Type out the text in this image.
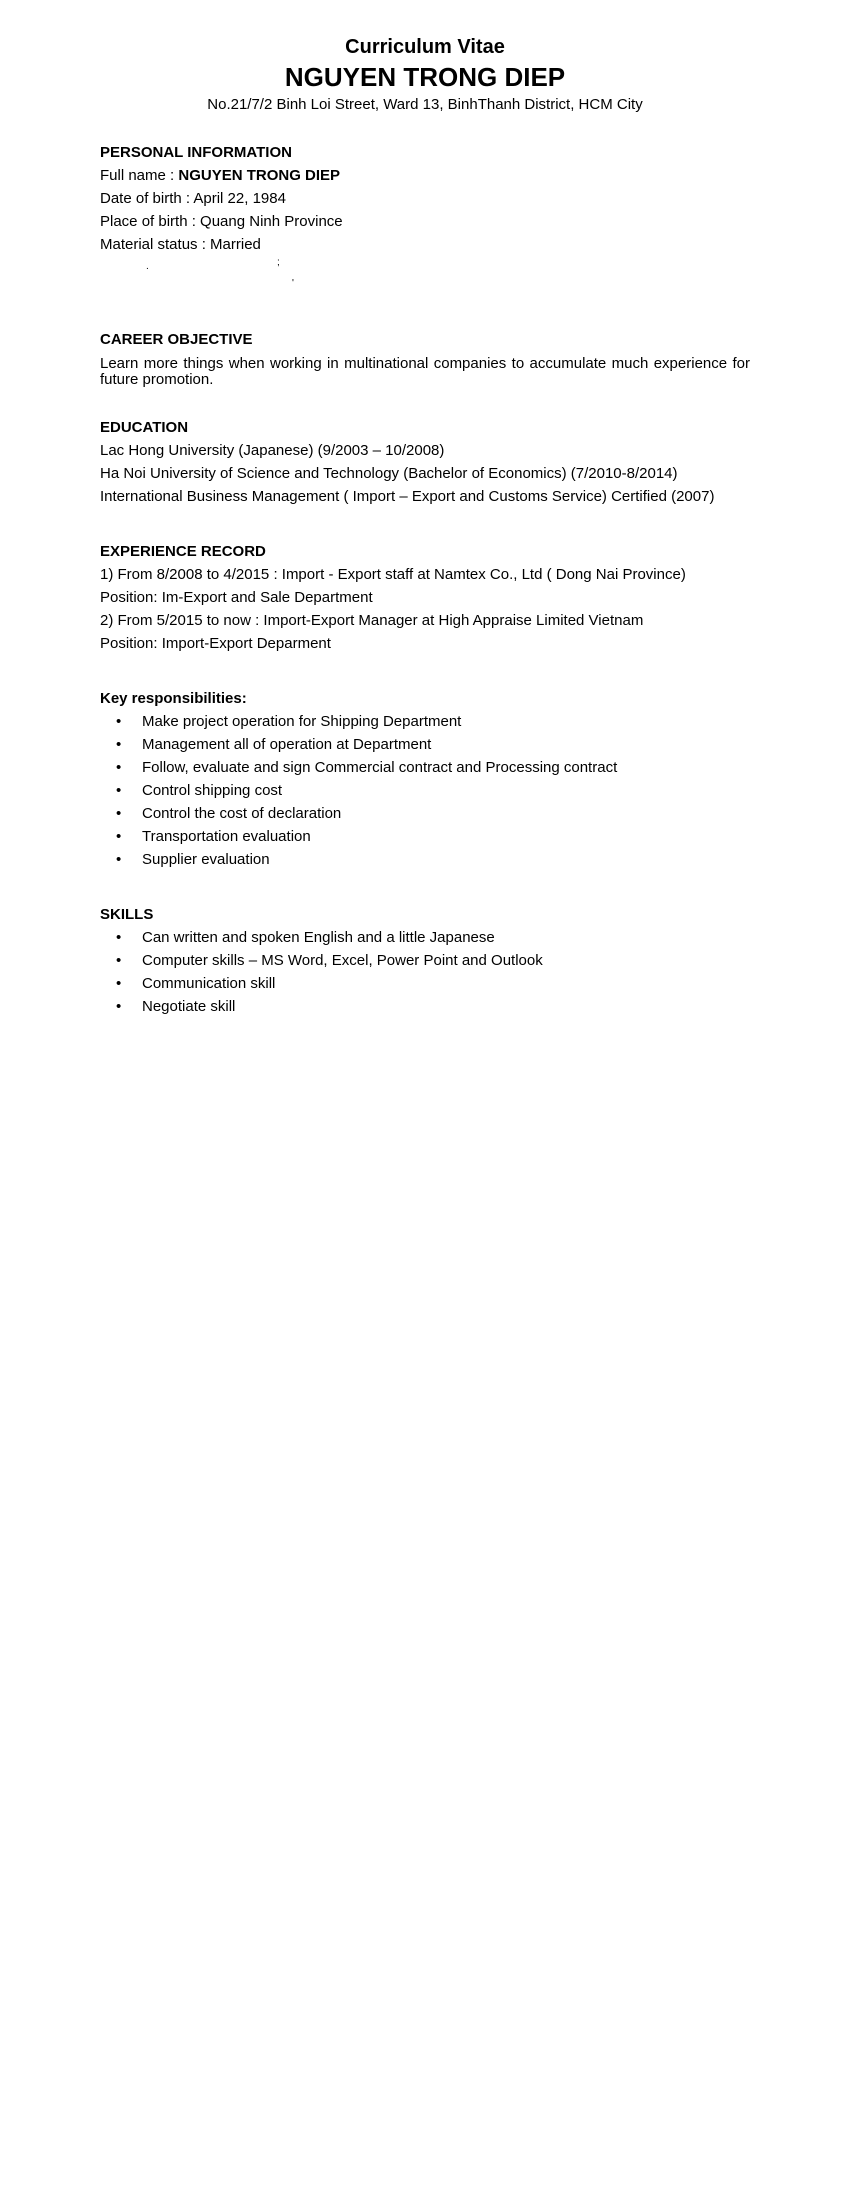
Curriculum Vitae
NGUYEN TRONG DIEP
No.21/7/2 Binh Loi Street, Ward 13, BinhThanh District, HCM City
PERSONAL INFORMATION
Full name : NGUYEN TRONG DIEP
Date of birth : April 22, 1984
Place of birth : Quang Ninh Province
Material status : Married
.	;
'
CAREER OBJECTIVE
Learn more things when working in multinational companies to accumulate much experience for future promotion.
EDUCATION
Lac Hong University (Japanese) (9/2003 – 10/2008)
Ha Noi University of Science and Technology (Bachelor of Economics) (7/2010-8/2014)
International Business Management ( Import – Export and Customs Service) Certified (2007)
EXPERIENCE RECORD
1) From 8/2008 to 4/2015 : Import - Export staff at Namtex Co., Ltd ( Dong Nai Province)
Position: Im-Export and Sale Department
2) From 5/2015 to now : Import-Export Manager at High Appraise Limited Vietnam
Position: Import-Export Deparment
Key responsibilities:
• Make project operation for Shipping Department
• Management all of operation at Department
• Follow, evaluate and sign Commercial contract and Processing contract
• Control shipping cost
• Control the cost of declaration
• Transportation evaluation
• Supplier evaluation
SKILLS
• Can written and spoken English and a little Japanese
• Computer skills – MS Word, Excel, Power Point and Outlook
• Communication skill
• Negotiate skill
